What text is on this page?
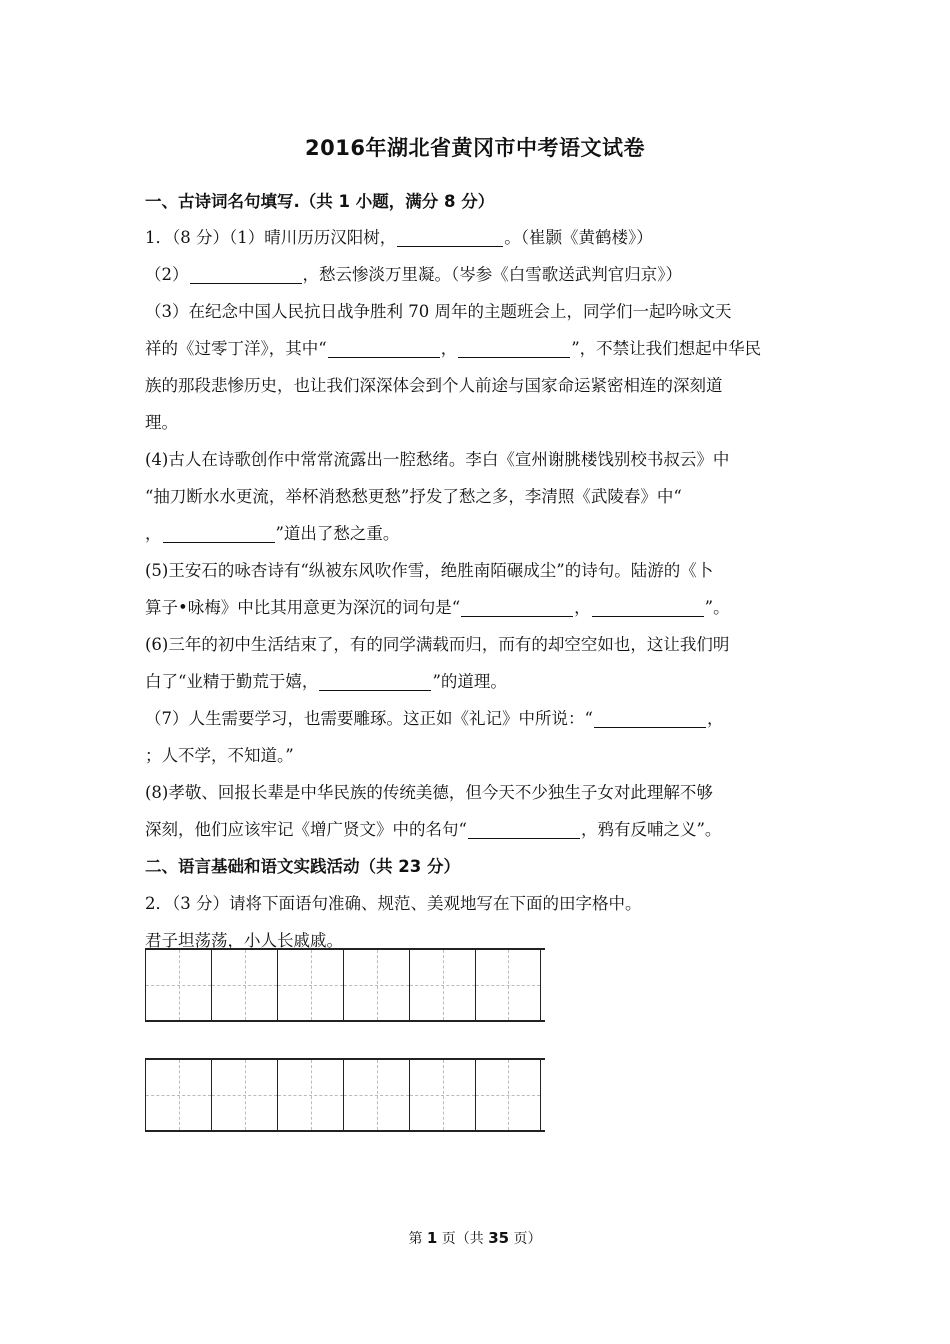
2016年湖北省黄冈市中考语文试卷
一、古诗词名句填写.（共 1 小题，满分 8 分）
1．（8 分）（1）晴川历历汉阳树，	。（崔颢《黄鹤楼》）
（2）	，愁云惨淡万里凝。（岑参《白雪歌送武判官归京》）
（3）在纪念中国人民抗日战争胜利 70 周年的主题班会上，同学们一起吟咏文天
祥的《过零丁洋》，其中“	，	”，不禁让我们想起中华民
族的那段悲惨历史，也让我们深深体会到个人前途与国家命运紧密相连的深刻道
理。
(4)古人在诗歌创作中常常流露出一腔愁绪。李白《宣州谢朓楼饯别校书叔云》中
“抽刀断水水更流，举杯消愁愁更愁”抒发了愁之多，李清照《武陵春》中“
，	”道出了愁之重。
(5)王安石的咏杏诗有“纵被东风吹作雪，绝胜南陌碾成尘”的诗句。陆游的《卜
算子•咏梅》中比其用意更为深沉的词句是“	，	”。
(6)三年的初中生活结束了，有的同学满载而归，而有的却空空如也，这让我们明
白了“业精于勤荒于嬉，	”的道理。
（7）人生需要学习，也需要雕琢。这正如《礼记》中所说：“	，
；人不学，不知道。”
(8)孝敬、回报长辈是中华民族的传统美德，但今天不少独生子女对此理解不够
深刻，他们应该牢记《增广贤文》中的名句“	，鸦有反哺之义”。
二、语言基础和语文实践活动（共 23 分）
2．（3 分）请将下面语句准确、规范、美观地写在下面的田字格中。
君子坦荡荡，小人长戚戚。
第 1 页（共 35 页）
